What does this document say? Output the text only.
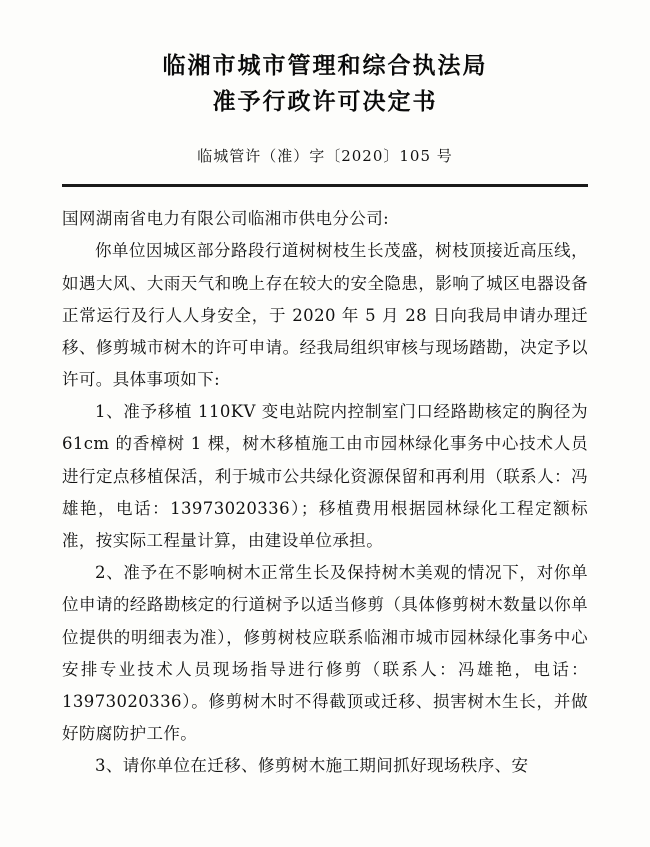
临湘市城市管理和综合执法局
准予行政许可决定书
临城管许（准）字〔2020〕105 号

国网湖南省电力有限公司临湘市供电分公司:

你单位因城区部分路段行道树树枝生长茂盛，树枝顶接近高压线，如遇大风、大雨天气和晚上存在较大的安全隐患，影响了城区电器设备正常运行及行人人身安全，于 2020 年 5 月 28 日向我局申请办理迁移、修剪城市树木的许可申请。经我局组织审核与现场踏勘，决定予以许可。具体事项如下:

1、准予移植 110KV 变电站院内控制室门口经路勘核定的胸径为 61cm 的香樟树 1 棵，树木移植施工由市园林绿化事务中心技术人员进行定点移植保活，利于城市公共绿化资源保留和再利用（联系人：冯雄艳，电话：13973020336）；移植费用根据园林绿化工程定额标准，按实际工程量计算，由建设单位承担。

2、准予在不影响树木正常生长及保持树木美观的情况下，对你单位申请的经路勘核定的行道树予以适当修剪（具体修剪树木数量以你单位提供的明细表为准），修剪树枝应联系临湘市城市园林绿化事务中心安排专业技术人员现场指导进行修剪（联系人：冯雄艳，电话：13973020336）。修剪树木时不得截顶或迁移、损害树木生长，并做好防腐防护工作。

3、请你单位在迁移、修剪树木施工期间抓好现场秩序、安
